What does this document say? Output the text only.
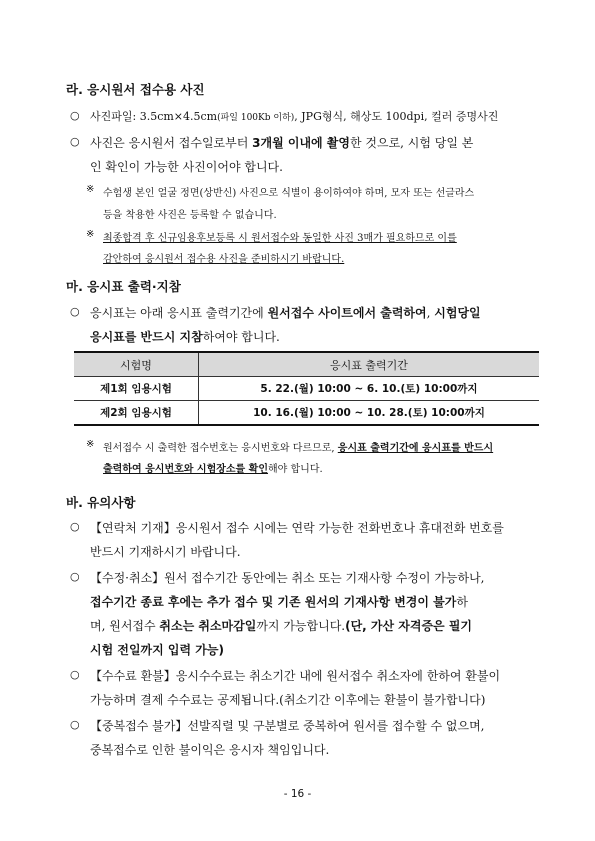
라. 응시원서 접수용 사진
○ 사진파일: 3.5cm×4.5cm(파일 100Kb 이하), JPG형식, 해상도 100dpi, 컬러 증명사진
○ 사진은 응시원서 접수일로부터 3개월 이내에 촬영한 것으로, 시험 당일 본
인 확인이 가능한 사진이어야 합니다.
※ 수험생 본인 얼굴 정면(상반신) 사진으로 식별이 용이하여야 하며, 모자 또는 선글라스
등을 착용한 사진은 등록할 수 없습니다.
※ 최종합격 후 신규임용후보등록 시 원서접수와 동일한 사진 3매가 필요하므로 이를
감안하여 응시원서 접수용 사진을 준비하시기 바랍니다.
마. 응시표 출력·지참
○ 응시표는 아래 응시표 출력기간에 원서접수 사이트에서 출력하여, 시험당일
응시표를 반드시 지참하여야 합니다.
시험명	응시표 출력기간
제1회 임용시험	5. 22.(월) 10:00 ~ 6. 10.(토) 10:00까지
제2회 임용시험	10. 16.(월) 10:00 ~ 10. 28.(토) 10:00까지
※ 원서접수 시 출력한 접수번호는 응시번호와 다르므로, 응시표 출력기간에 응시표를 반드시
출력하여 응시번호와 시험장소를 확인해야 합니다.
바. 유의사항
○ 【연락처 기재】응시원서 접수 시에는 연락 가능한 전화번호나 휴대전화 번호를
반드시 기재하시기 바랍니다.
○ 【수정·취소】원서 접수기간 동안에는 취소 또는 기재사항 수정이 가능하나,
접수기간 종료 후에는 추가 접수 및 기존 원서의 기재사항 변경이 불가하
며, 원서접수 취소는 취소마감일까지 가능합니다.(단, 가산 자격증은 필기
시험 전일까지 입력 가능)
○ 【수수료 환불】응시수수료는 취소기간 내에 원서접수 취소자에 한하여 환불이
가능하며 결제 수수료는 공제됩니다.(취소기간 이후에는 환불이 불가합니다)
○ 【중복접수 불가】선발직렬 및 구분별로 중복하여 원서를 접수할 수 없으며,
중복접수로 인한 불이익은 응시자 책임입니다.
- 16 -
